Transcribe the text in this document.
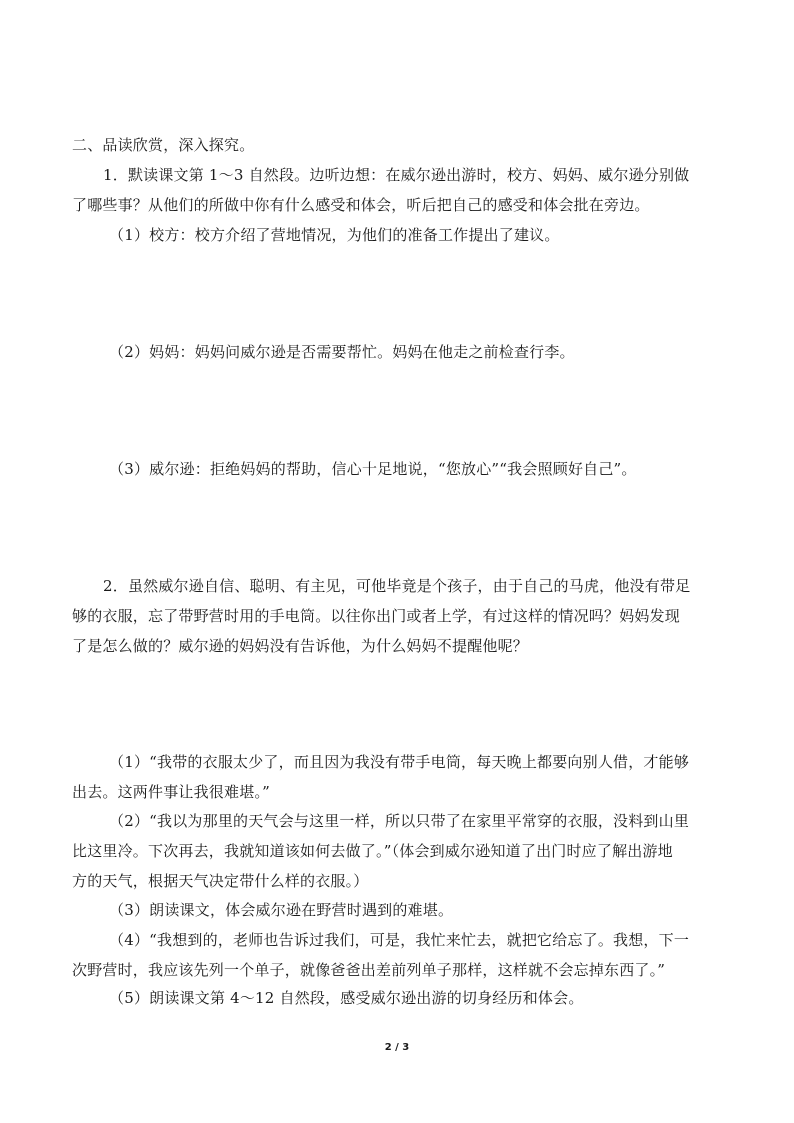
二、品读欣赏，深入探究。
1．默读课文第 1～3 自然段。边听边想：在威尔逊出游时，校方、妈妈、威尔逊分别做
了哪些事？从他们的所做中你有什么感受和体会，听后把自己的感受和体会批在旁边。
（1）校方：校方介绍了营地情况，为他们的准备工作提出了建议。
（2）妈妈：妈妈问威尔逊是否需要帮忙。妈妈在他走之前检查行李。
（3）威尔逊：拒绝妈妈的帮助，信心十足地说，“您放心”“我会照顾好自己”。
2．虽然威尔逊自信、聪明、有主见，可他毕竟是个孩子，由于自己的马虎，他没有带足
够的衣服，忘了带野营时用的手电筒。以往你出门或者上学，有过这样的情况吗？妈妈发现
了是怎么做的？威尔逊的妈妈没有告诉他，为什么妈妈不提醒他呢？
（1）“我带的衣服太少了，而且因为我没有带手电筒，每天晚上都要向别人借，才能够
出去。这两件事让我很难堪。”
（2）“我以为那里的天气会与这里一样，所以只带了在家里平常穿的衣服，没料到山里
比这里冷。下次再去，我就知道该如何去做了。”（体会到威尔逊知道了出门时应了解出游地
方的天气，根据天气决定带什么样的衣服。）
（3）朗读课文，体会威尔逊在野营时遇到的难堪。
（4）“我想到的，老师也告诉过我们，可是，我忙来忙去，就把它给忘了。我想，下一
次野营时，我应该先列一个单子，就像爸爸出差前列单子那样，这样就不会忘掉东西了。”
（5）朗读课文第 4～12 自然段，感受威尔逊出游的切身经历和体会。
2 / 3
